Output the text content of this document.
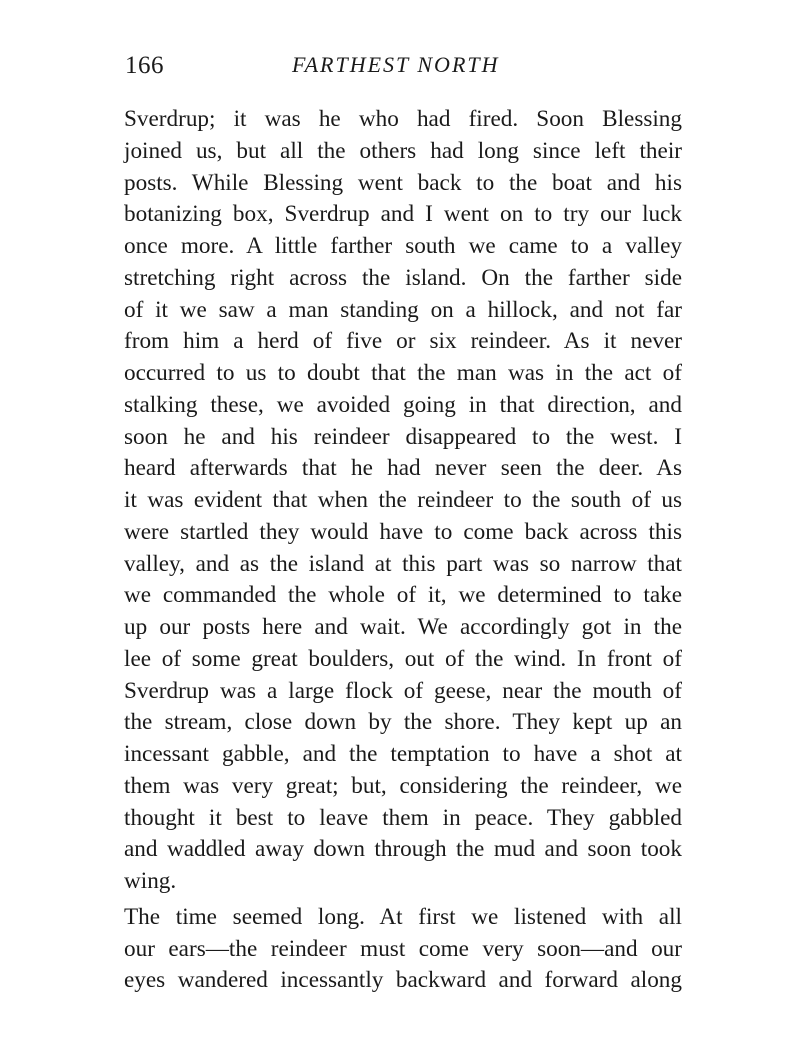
166	FARTHEST NORTH
Sverdrup; it was he who had fired. Soon Blessing
joined us, but all the others had long since left their
posts. While Blessing went back to the boat and his
botanizing box, Sverdrup and I went on to try our luck
once more. A little farther south we came to a valley
stretching right across the island. On the farther side
of it we saw a man standing on a hillock, and not far
from him a herd of five or six reindeer. As it never
occurred to us to doubt that the man was in the act of
stalking these, we avoided going in that direction, and
soon he and his reindeer disappeared to the west. I
heard afterwards that he had never seen the deer. As
it was evident that when the reindeer to the south of us
were startled they would have to come back across this
valley, and as the island at this part was so narrow that
we commanded the whole of it, we determined to take
up our posts here and wait. We accordingly got in the
lee of some great boulders, out of the wind. In front of
Sverdrup was a large flock of geese, near the mouth of
the stream, close down by the shore. They kept up an
incessant gabble, and the temptation to have a shot at
them was very great; but, considering the reindeer, we
thought it best to leave them in peace. They gabbled
and waddled away down through the mud and soon took
wing.
The time seemed long. At first we listened with all
our ears—the reindeer must come very soon—and our
eyes wandered incessantly backward and forward along
